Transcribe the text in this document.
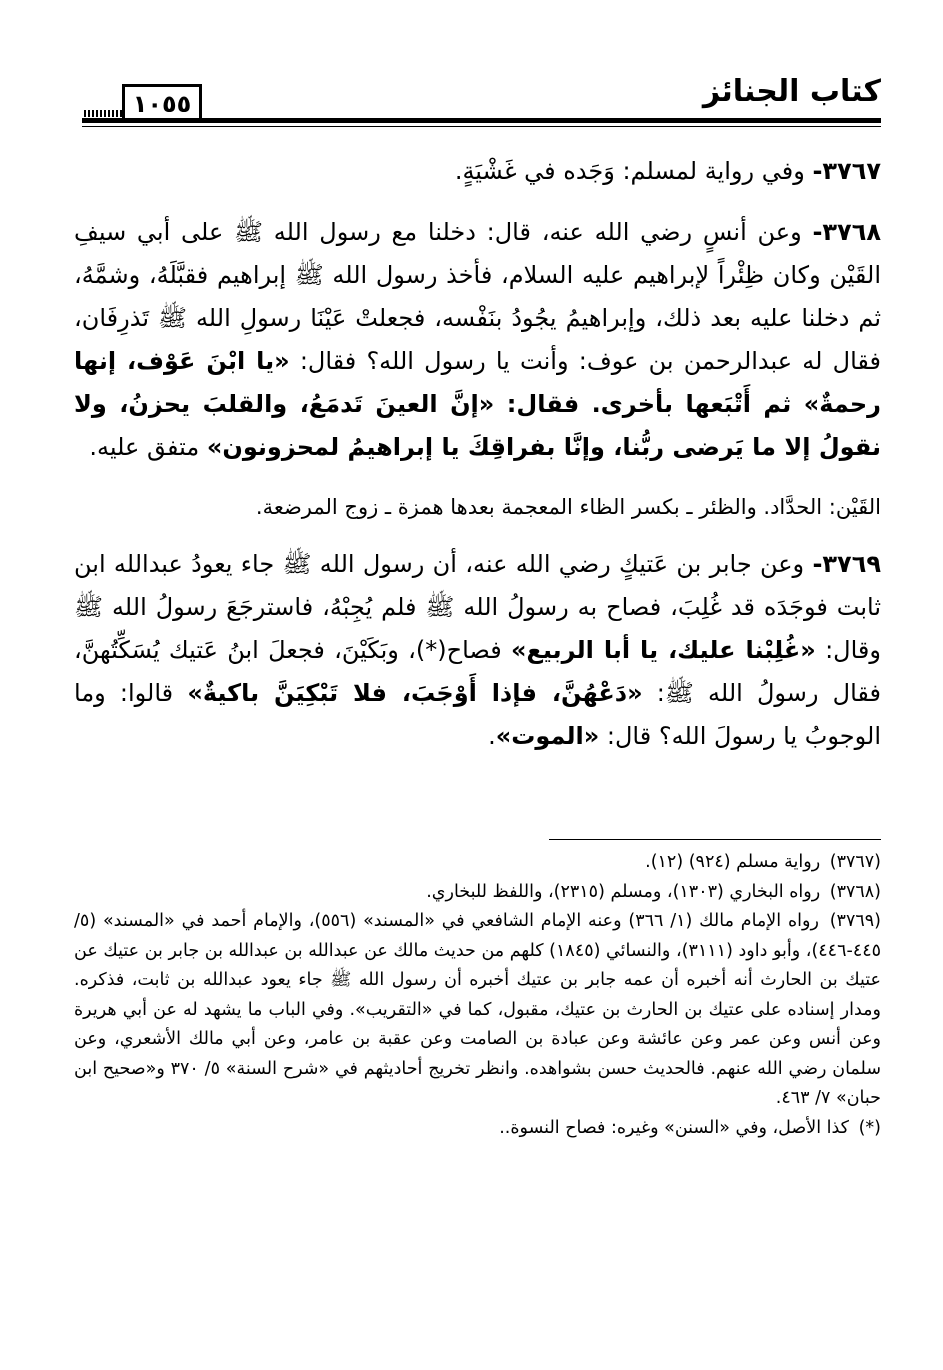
كتاب الجنائز
١٠٥٥

٣٧٦٧- وفي رواية لمسلم: وَجَده في غَشْيَةٍ.

٣٧٦٨- وعن أنسٍ رضي الله عنه، قال: دخلنا مع رسول الله ﷺ على أبي سيفِ القَيْن وكان ظِئْراً لإبراهيم عليه السلام، فأخذ رسول الله ﷺ إبراهيم فقبَّلَهُ، وشمَّهُ، ثم دخلنا عليه بعد ذلك، وإبراهيمُ يجُودُ بنَفْسه، فجعلتْ عَيْنَا رسولِ الله ﷺ تَذرِفَان، فقال له عبدالرحمن بن عوف: وأنت يا رسول الله؟ فقال: «يا ابْنَ عَوْف، إنها رحمةٌ» ثم أَتْبَعها بأخرى. فقال: «إنَّ العينَ تَدمَعُ، والقلبَ يحزنُ، ولا نقولُ إلا ما يَرضى ربُّنا، وإنَّا بفراقِكَ يا إبراهيمُ لمحزونون» متفق عليه.

القَيْن: الحدَّاد. والظئر ـ بكسر الظاء المعجمة بعدها همزة ـ زوج المرضعة.

٣٧٦٩- وعن جابر بن عَتيكٍ رضي الله عنه، أن رسول الله ﷺ جاء يعودُ عبدالله ابن ثابت فوجَدَه قد غُلِبَ، فصاح به رسولُ الله ﷺ فلم يُجِبْهُ، فاسترجَعَ رسولُ الله ﷺ وقال: «غُلِبْنا عليك، يا أبا الربيع» فصاح(*)، وبَكَيْنَ، فجعلَ ابنُ عَتيك يُسَكِّتُهنَّ، فقال رسولُ الله ﷺ: «دَعْهُنَّ، فإذا أَوْجَبَ، فلا تَبْكِيَنَّ باكيةٌ» قالوا: وما الوجوبُ يا رسولَ الله؟ قال: «الموت».

(٣٧٦٧) رواية مسلم (٩٢٤) (١٢).

(٣٧٦٨) رواه البخاري (١٣٠٣)، ومسلم (٢٣١٥)، واللفظ للبخاري.

(٣٧٦٩) رواه الإمام مالك (١/ ٣٦٦) وعنه الإمام الشافعي في «المسند» (٥٥٦)، والإمام أحمد في «المسند» (٥/ ٤٤٥-٤٤٦)، وأبو داود (٣١١١)، والنسائي (١٨٤٥) كلهم من حديث مالك عن عبدالله بن عبدالله بن جابر بن عتيك عن عتيك بن الحارث أنه أخبره أن عمه جابر بن عتيك أخبره أن رسول الله ﷺ جاء يعود عبدالله بن ثابت، فذكره. ومدار إسناده على عتيك بن الحارث بن عتيك، مقبول، كما في «التقريب». وفي الباب ما يشهد له عن أبي هريرة وعن أنس وعن عمر وعن عائشة وعن عبادة بن الصامت وعن عقبة بن عامر، وعن أبي مالك الأشعري، وعن سلمان رضي الله عنهم. فالحديث حسن بشواهده. وانظر تخريج أحاديثهم في «شرح السنة» ٥/ ٣٧٠ و«صحيح ابن حبان» ٧/ ٤٦٣.

(*) كذا الأصل، وفي «السنن» وغيره: فصاح النسوة..
